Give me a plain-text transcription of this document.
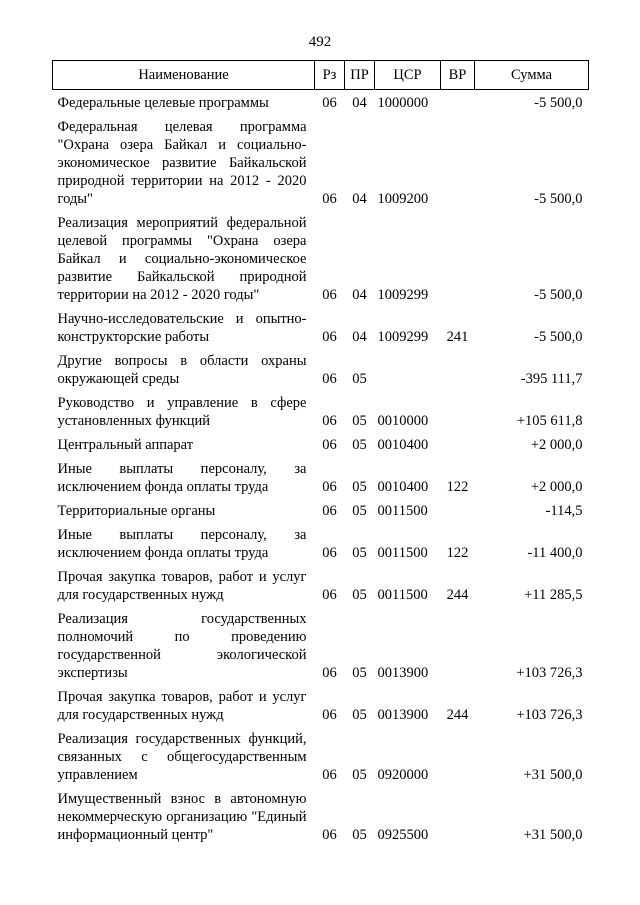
492
Наименование	Рз	ПР	ЦСР	ВР	Сумма
Федеральные целевые программы	06	04	1000000		-5 500,0
Федеральная целевая программа "Охрана озера Байкал и социально-экономическое развитие Байкальской природной территории на 2012 - 2020 годы"	06	04	1009200		-5 500,0
Реализация мероприятий федеральной целевой программы "Охрана озера Байкал и социально-экономическое развитие Байкальской природной территории на 2012 - 2020 годы"	06	04	1009299		-5 500,0
Научно-исследовательские и опытно-конструкторские работы	06	04	1009299	241	-5 500,0
Другие вопросы в области охраны окружающей среды	06	05			-395 111,7
Руководство и управление в сфере установленных функций	06	05	0010000		+105 611,8
Центральный аппарат	06	05	0010400		+2 000,0
Иные выплаты персоналу, за исключением фонда оплаты труда	06	05	0010400	122	+2 000,0
Территориальные органы	06	05	0011500		-114,5
Иные выплаты персоналу, за исключением фонда оплаты труда	06	05	0011500	122	-11 400,0
Прочая закупка товаров, работ и услуг для государственных нужд	06	05	0011500	244	+11 285,5
Реализация государственных полномочий по проведению государственной экологической экспертизы	06	05	0013900		+103 726,3
Прочая закупка товаров, работ и услуг для государственных нужд	06	05	0013900	244	+103 726,3
Реализация государственных функций, связанных с общегосударственным управлением	06	05	0920000		+31 500,0
Имущественный взнос в автономную некоммерческую организацию "Единый информационный центр"	06	05	0925500		+31 500,0
